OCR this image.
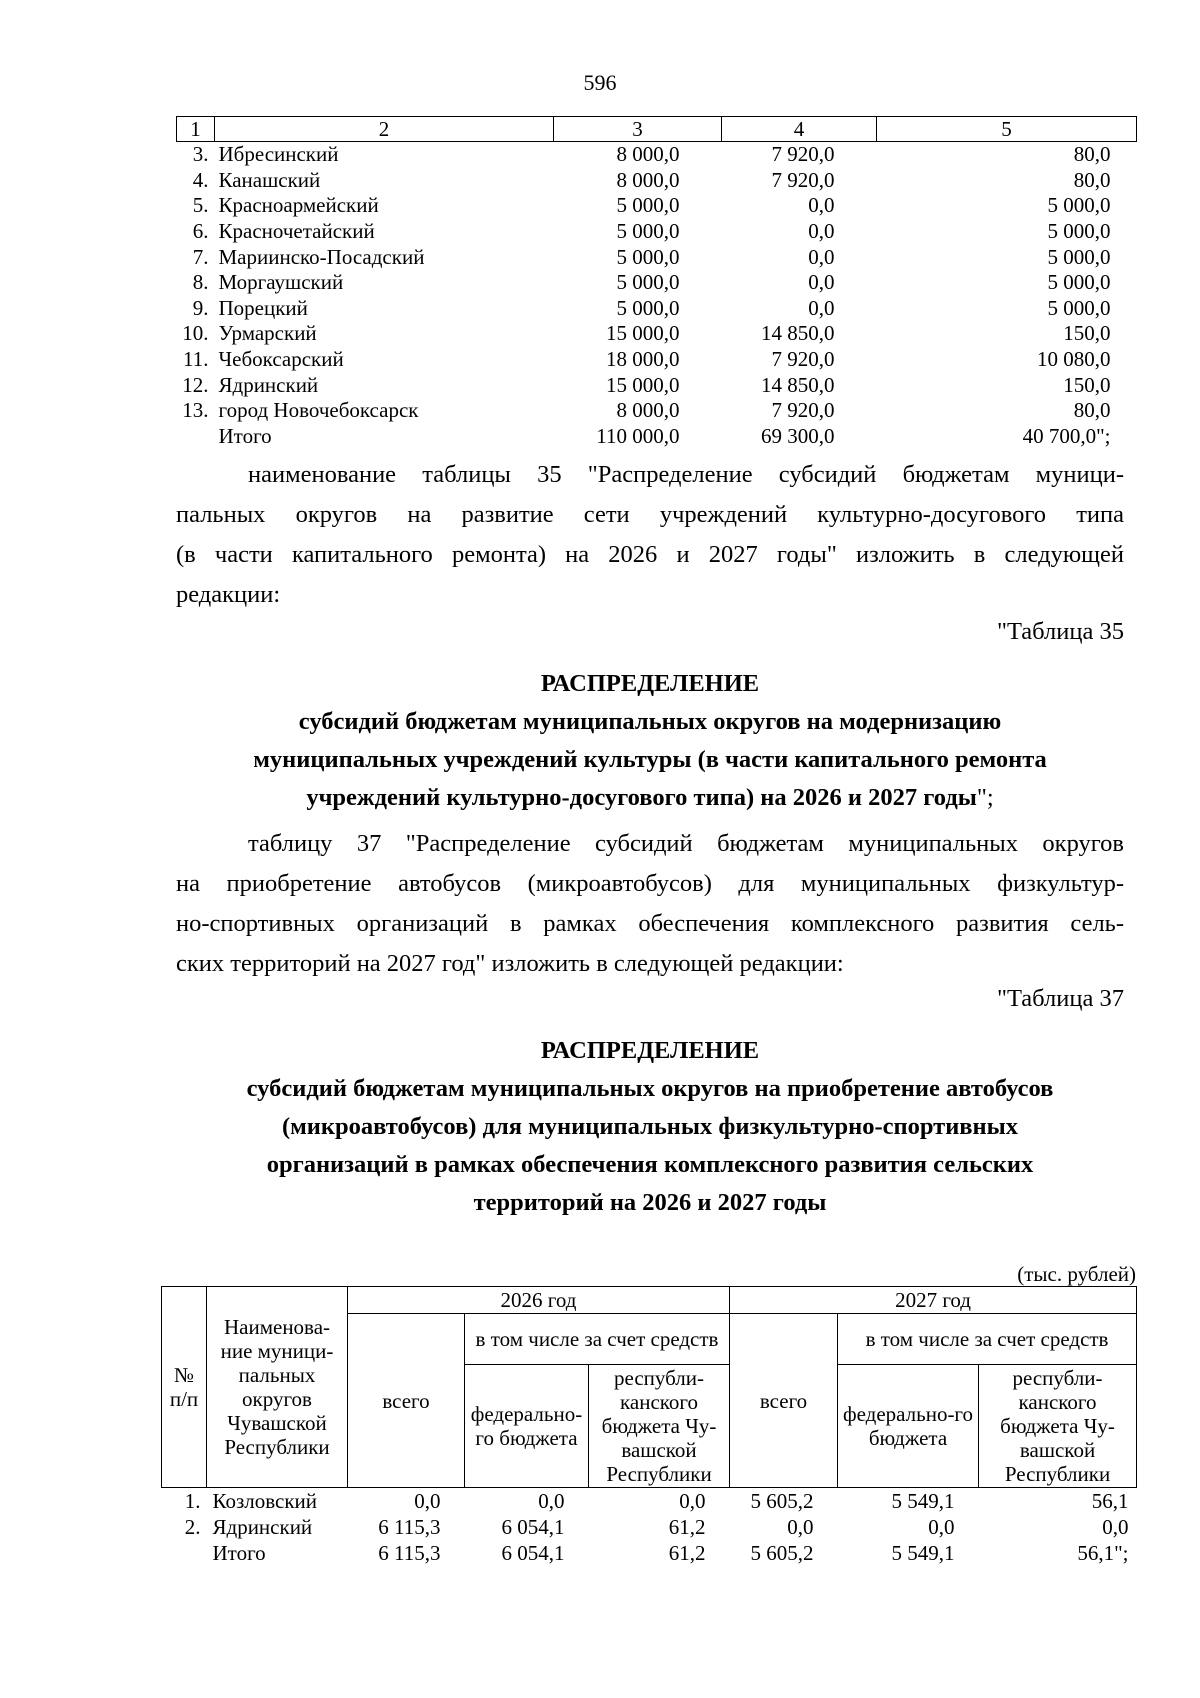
596
1	2	3	4	5
3.	Ибресинский	8 000,0	7 920,0	80,0
4.	Канашский	8 000,0	7 920,0	80,0
5.	Красноармейский	5 000,0	0,0	5 000,0
6.	Красночетайский	5 000,0	0,0	5 000,0
7.	Мариинско-Посадский	5 000,0	0,0	5 000,0
8.	Моргаушский	5 000,0	0,0	5 000,0
9.	Порецкий	5 000,0	0,0	5 000,0
10.	Урмарский	15 000,0	14 850,0	150,0
11.	Чебоксарский	18 000,0	7 920,0	10 080,0
12.	Ядринский	15 000,0	14 850,0	150,0
13.	город Новочебоксарск	8 000,0	7 920,0	80,0
	Итого	110 000,0	69 300,0	40 700,0";
наименование таблицы 35 "Распределение субсидий бюджетам муници-
пальных округов на развитие сети учреждений культурно-досугового типа
(в части капитального ремонта) на 2026 и 2027 годы" изложить в следующей
редакции:
"Таблица 35
РАСПРЕДЕЛЕНИЕ
субсидий бюджетам муниципальных округов на модернизацию
муниципальных учреждений культуры (в части капитального ремонта
учреждений культурно-досугового типа) на 2026 и 2027 годы";
таблицу 37 "Распределение субсидий бюджетам муниципальных округов
на приобретение автобусов (микроавтобусов) для муниципальных физкультур-
но-спортивных организаций в рамках обеспечения комплексного развития сель-
ских территорий на 2027 год" изложить в следующей редакции:
"Таблица 37
РАСПРЕДЕЛЕНИЕ
субсидий бюджетам муниципальных округов на приобретение автобусов
(микроавтобусов) для муниципальных физкультурно-спортивных
организаций в рамках обеспечения комплексного развития сельских
территорий на 2026 и 2027 годы
(тыс. рублей)
№ п/п	Наименова-ние муници-пальных округов Чувашской Республики	2026 год			2027 год		
		всего	в том числе за счет средств		всего	в том числе за счет средств	
			федерально-го бюджета	республи-канского бюджета Чу-вашской Республики		федерально-го бюджета	республи-канского бюджета Чу-вашской Республики
1.	Козловский	0,0	0,0	0,0	5 605,2	5 549,1	56,1
2.	Ядринский	6 115,3	6 054,1	61,2	0,0	0,0	0,0
	Итого	6 115,3	6 054,1	61,2	5 605,2	5 549,1	56,1";
